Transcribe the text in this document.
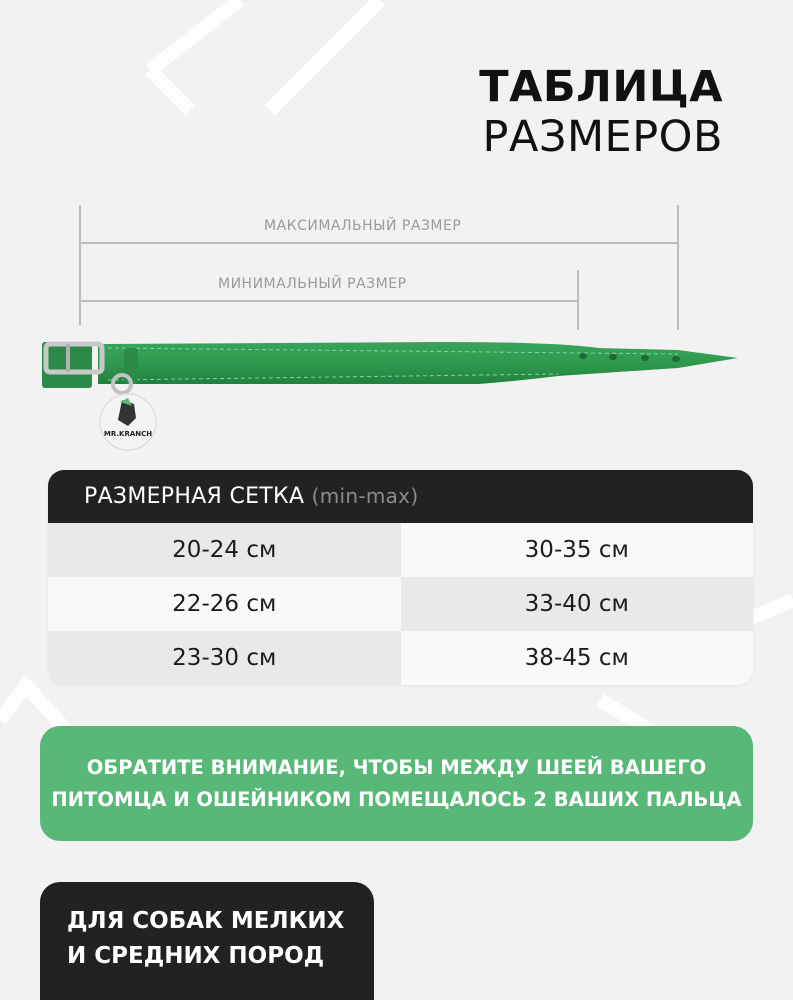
ТАБЛИЦА
РАЗМЕРОВ
МАКСИМАЛЬНЫЙ РАЗМЕР
МИНИМАЛЬНЫЙ РАЗМЕР
MR.KRANCH
РАЗМЕРНАЯ СЕТКА (min-max)
20-24 см	30-35 см
22-26 см	33-40 см
23-30 см	38-45 см
ОБРАТИТЕ ВНИМАНИЕ, ЧТОБЫ МЕЖДУ ШЕЕЙ ВАШЕГО
ПИТОМЦА И ОШЕЙНИКОМ ПОМЕЩАЛОСЬ 2 ВАШИХ ПАЛЬЦА
ДЛЯ СОБАК МЕЛКИХ
И СРЕДНИХ ПОРОД
